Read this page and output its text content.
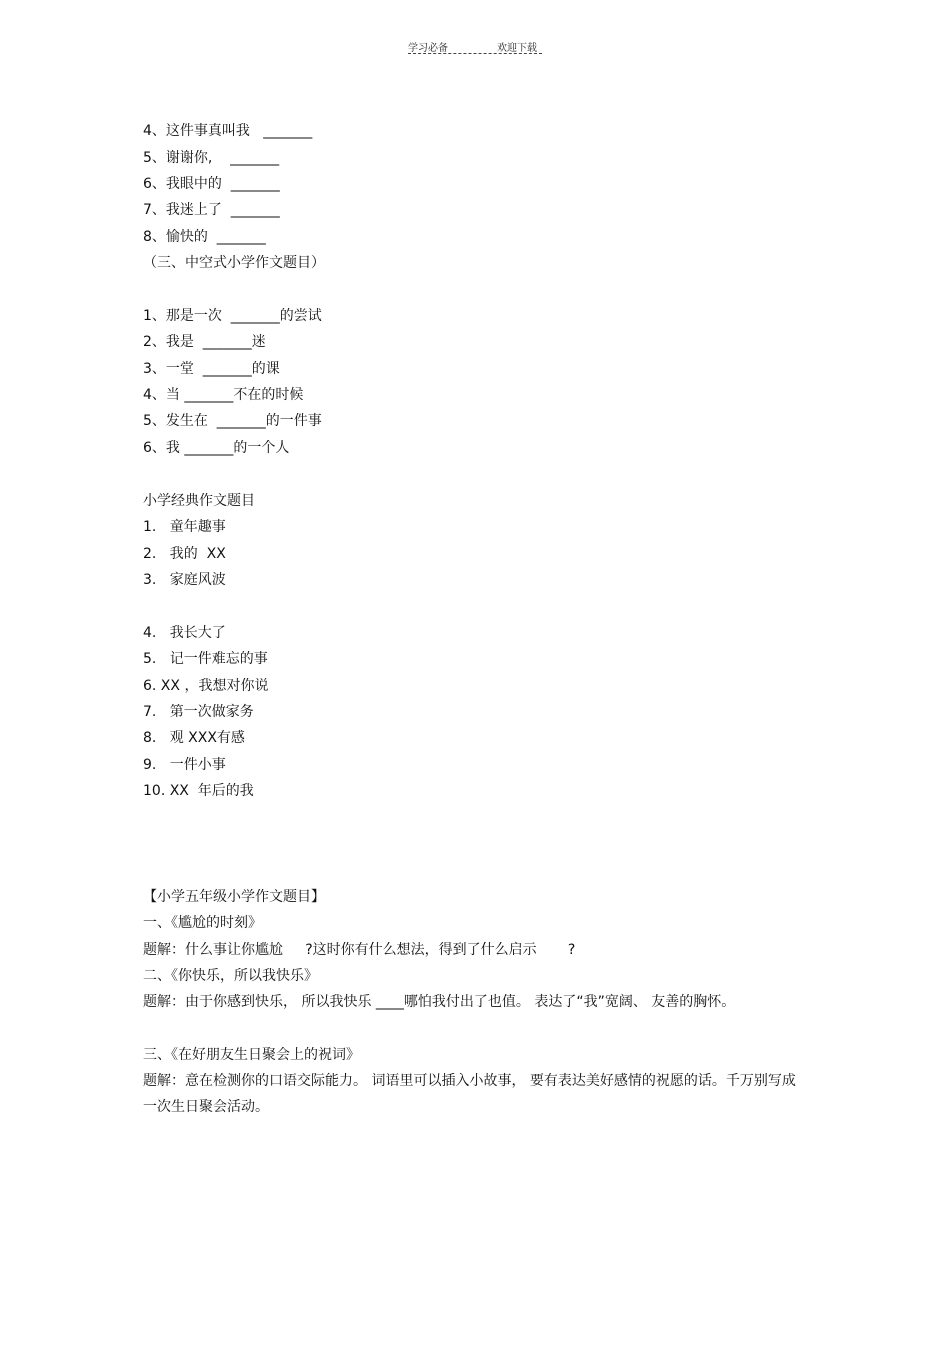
学习必备	欢迎下载
4、这件事真叫我   _______
5、谢谢你,    _______
6、我眼中的  _______
7、我迷上了  _______
8、愉快的  _______
（三、中空式小学作文题目）
1、那是一次  _______的尝试
2、我是  _______迷
3、一堂  _______的课
4、当 _______不在的时候
5、发生在  _______的一件事
6、我 _______的一个人
小学经典作文题目
1.   童年趣事
2.   我的  XX
3.   家庭风波
4.   我长大了
5.   记一件难忘的事
6. XX ，我想对你说
7.   第一次做家务
8.   观 XXX有感
9.   一件小事
10. XX  年后的我
【小学五年级小学作文题目】
一、《尴尬的时刻》
题解：什么事让你尴尬     ?这时你有什么想法，得到了什么启示       ?
二、《你快乐，所以我快乐》
题解：由于你感到快乐， 所以我快乐 ____哪怕我付出了也值。 表达了“我”宽阔、 友善的胸怀。
三、《在好朋友生日聚会上的祝词》
题解：意在检测你的口语交际能力。 词语里可以插入小故事， 要有表达美好感情的祝愿的话。千万别写成一次生日聚会活动。
